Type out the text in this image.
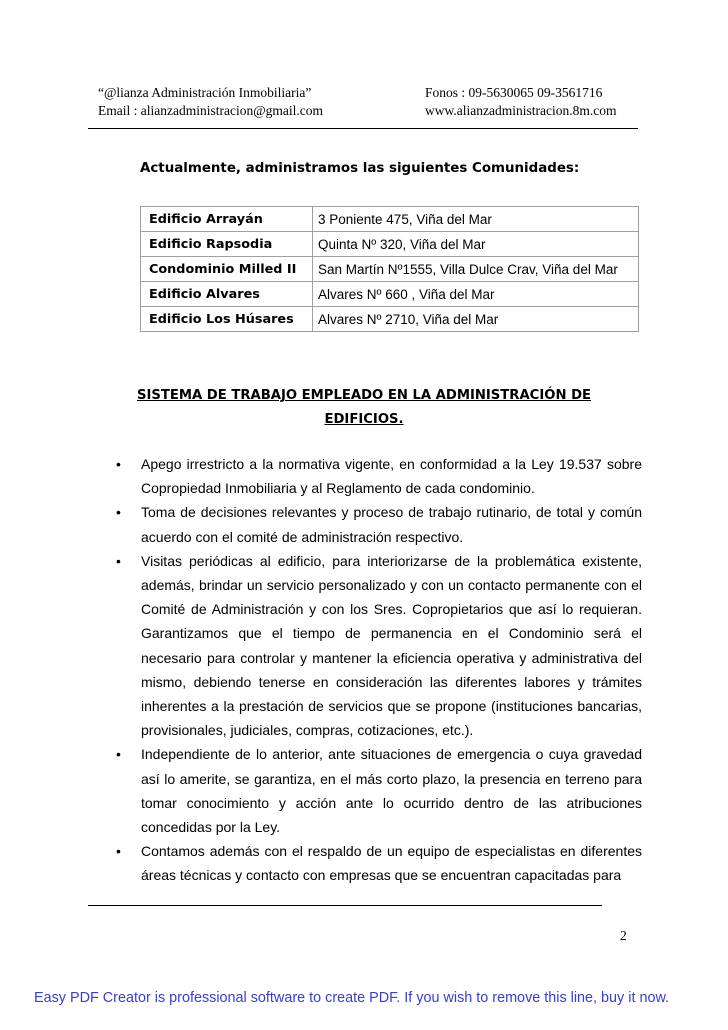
“@lianza Administración Inmobiliaria”
Email : alianzadministracion@gmail.com
Fonos : 09-5630065 09-3561716
www.alianzadministracion.8m.com
Actualmente, administramos las siguientes Comunidades:
Edificio Arrayán	3 Poniente 475, Viña del Mar
Edificio Rapsodia	Quinta Nº 320, Viña del Mar
Condominio Milled II	San Martín Nº1555, Villa Dulce Crav, Viña del Mar
Edificio Alvares	Alvares Nº 660 , Viña del Mar
Edificio Los Húsares	Alvares Nº 2710, Viña del Mar
SISTEMA DE TRABAJO EMPLEADO EN LA ADMINISTRACIÓN DE EDIFICIOS.
• Apego irrestricto a la normativa vigente, en conformidad a la Ley 19.537 sobre Copropiedad Inmobiliaria y al Reglamento de cada condominio.
• Toma de decisiones relevantes y proceso de trabajo rutinario, de total y común acuerdo con el comité de administración respectivo.
• Visitas periódicas al edificio, para interiorizarse de la problemática existente, además, brindar un servicio personalizado y con un contacto permanente con el Comité de Administración y con los Sres. Copropietarios que así lo requieran. Garantizamos que el tiempo de permanencia en el Condominio será el necesario para controlar y mantener la eficiencia operativa y administrativa del mismo, debiendo tenerse en consideración las diferentes labores y trámites inherentes a la prestación de servicios que se propone (instituciones bancarias, provisionales, judiciales, compras, cotizaciones, etc.).
• Independiente de lo anterior, ante situaciones de emergencia o cuya gravedad así lo amerite, se garantiza, en el más corto plazo, la presencia en terreno para tomar conocimiento y acción ante lo ocurrido dentro de las atribuciones concedidas por la Ley.
• Contamos además con el respaldo de un equipo de especialistas en diferentes áreas técnicas y contacto con empresas que se encuentran capacitadas para
2
Easy PDF Creator is professional software to create PDF. If you wish to remove this line, buy it now.
